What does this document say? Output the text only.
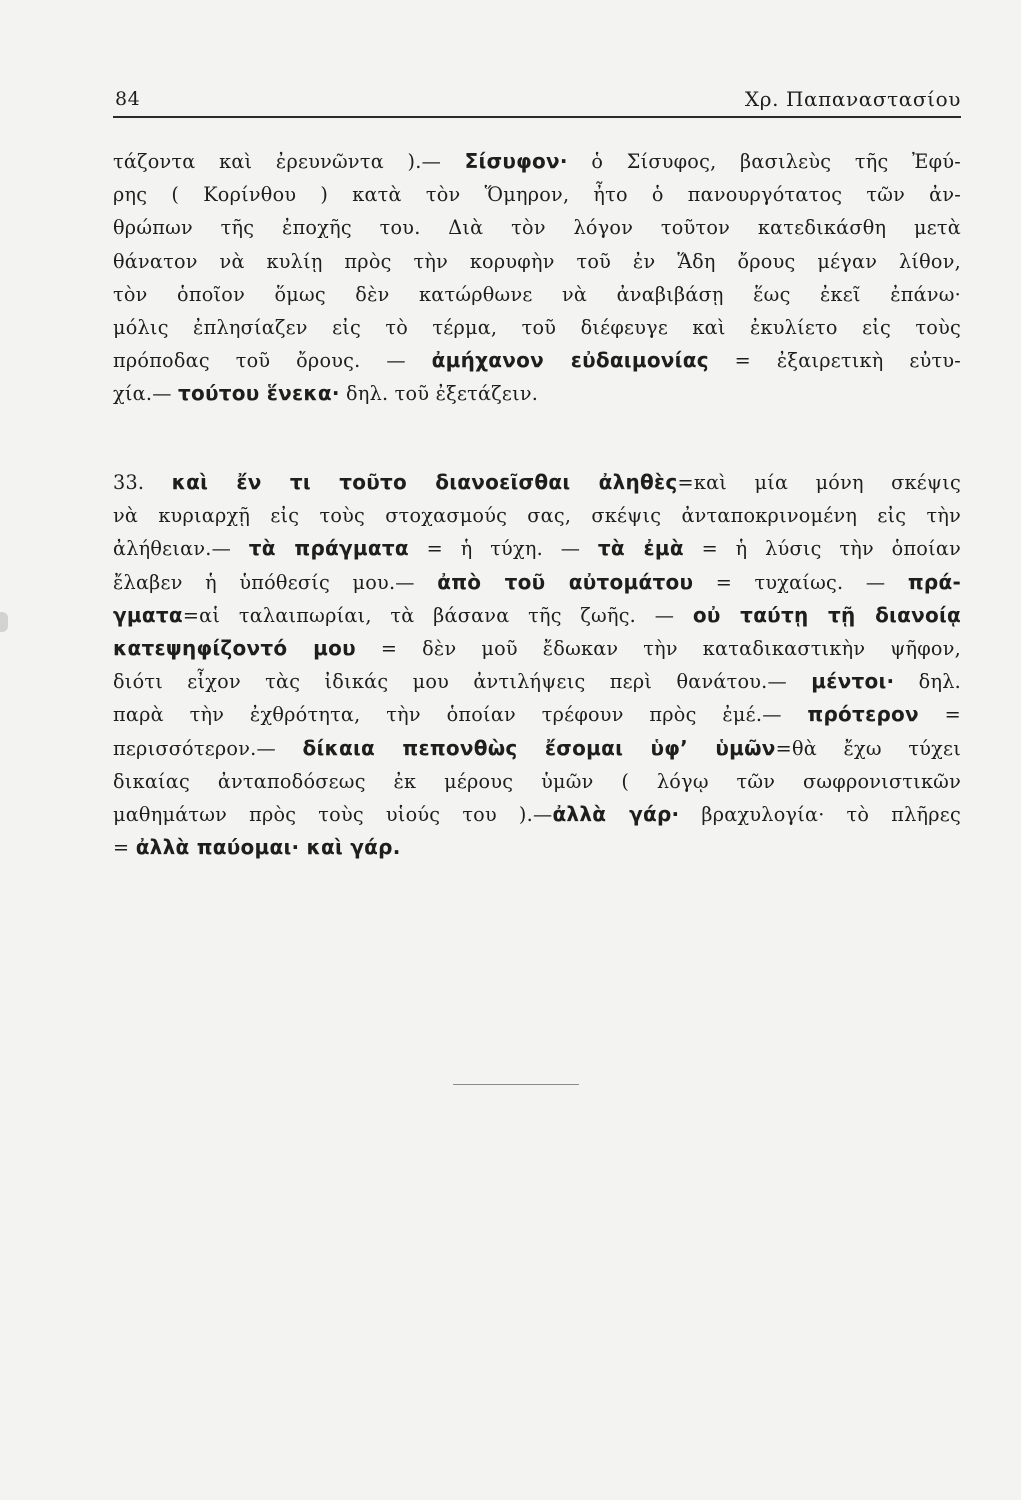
84	Χρ. Παπαναστασίου
τάζοντα καὶ ἐρευνῶντα ).— Σίσυφον· ὁ Σίσυφος, βασιλεὺς τῆς Ἐφύ-
ρης ( Κορίνθου ) κατὰ τὸν Ὅμηρον, ἦτο ὁ πανουργότατος τῶν ἀν-
θρώπων τῆς ἐποχῆς του. Διὰ τὸν λόγον τοῦτον κατεδικάσθη μετὰ
θάνατον νὰ κυλίῃ πρὸς τὴν κορυφὴν τοῦ ἐν Ἅδη ὄρους μέγαν λίθον,
τὸν ὁποῖον ὅμως δὲν κατώρθωνε νὰ ἀναβιβάσῃ ἕως ἐκεῖ ἐπάνω·
μόλις ἐπλησίαζεν εἰς τὸ τέρμα, τοῦ διέφευγε καὶ ἐκυλίετο εἰς τοὺς
πρόποδας τοῦ ὄρους. — ἀμήχανον εὐδαιμονίας = ἐξαιρετικὴ εὐτυ-
χία.— τούτου ἕνεκα· δηλ. τοῦ ἐξετάζειν.
33. καὶ ἔν τι τοῦτο διανοεῖσθαι ἀληθὲς=καὶ μία μόνη σκέψις
νὰ κυριαρχῇ εἰς τοὺς στοχασμούς σας, σκέψις ἀνταποκρινομένη εἰς τὴν
ἀλήθειαν.— τὰ πράγματα = ἡ τύχη. — τὰ ἐμὰ = ἡ λύσις τὴν ὁποίαν
ἔλαβεν ἡ ὑπόθεσίς μου.— ἀπὸ τοῦ αὐτομάτου = τυχαίως. — πρά-
γματα=αἱ ταλαιπωρίαι, τὰ βάσανα τῆς ζωῆς. — οὐ ταύτῃ τῇ διανοίᾳ
κατεψηφίζοντό μου = δὲν μοῦ ἔδωκαν τὴν καταδικαστικὴν ψῆφον,
διότι εἶχον τὰς ἰδικάς μου ἀντιλήψεις περὶ θανάτου.— μέντοι· δηλ.
παρὰ τὴν ἐχθρότητα, τὴν ὁποίαν τρέφουν πρὸς ἐμέ.— πρότερον =
περισσότερον.— δίκαια πεπονθὼς ἔσομαι ὑφ’ ὑμῶν=θὰ ἔχω τύχει
δικαίας ἀνταποδόσεως ἐκ μέρους ὑμῶν ( λόγῳ τῶν σωφρονιστικῶν
μαθημάτων πρὸς τοὺς υἱούς του ).—ἀλλὰ γάρ· βραχυλογία· τὸ πλῆρες
= ἀλλὰ παύομαι· καὶ γάρ.
